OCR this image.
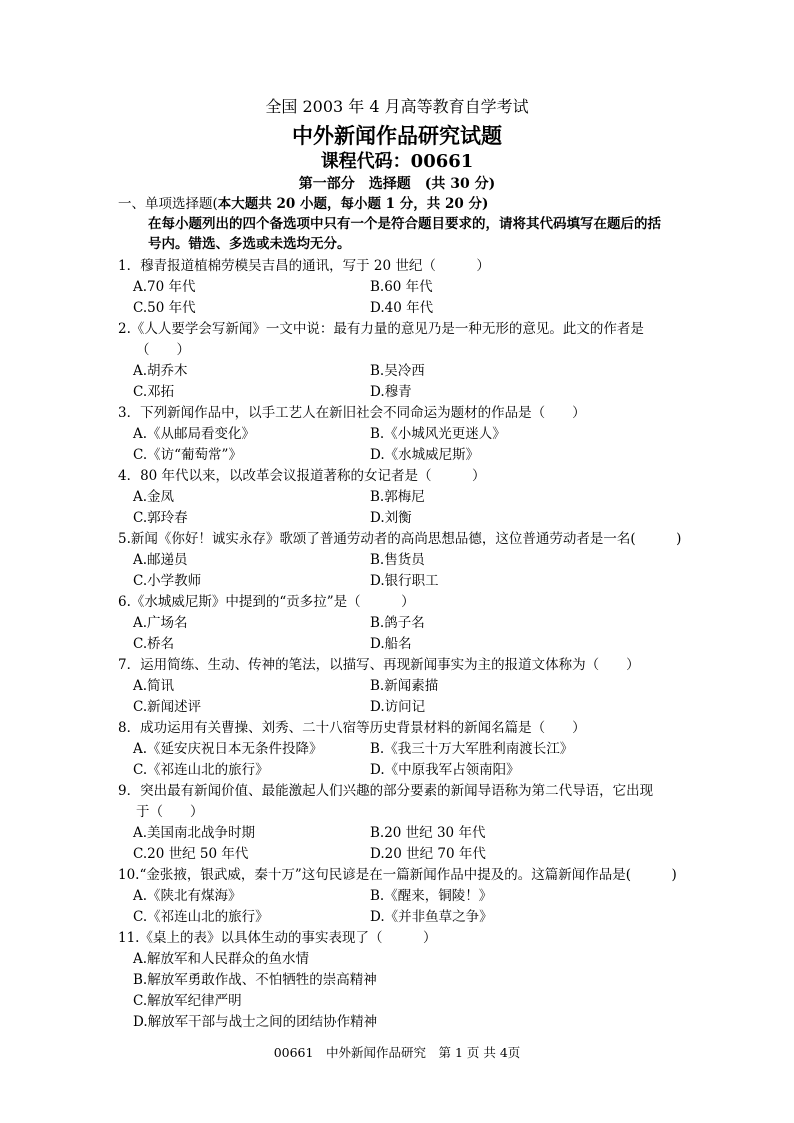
全国 2003 年 4 月高等教育自学考试
中外新闻作品研究试题
课程代码：00661
第一部分　选择题　(共 30 分)
一、单项选择题(本大题共 20 小题，每小题 1 分，共 20 分)
在每小题列出的四个备选项中只有一个是符合题目要求的，请将其代码填写在题后的括
号内。错选、多选或未选均无分。
1．穆青报道植棉劳模吴吉昌的通讯，写于 20 世纪（　　　）
A.70 年代	B.60 年代
C.50 年代	D.40 年代
2.《人人要学会写新闻》一文中说：最有力量的意见乃是一种无形的意见。此文的作者是
（　　）
A.胡乔木	B.吴冷西
C.邓拓	D.穆青
3．下列新闻作品中，以手工艺人在新旧社会不同命运为题材的作品是（　　）
A.《从邮局看变化》	B.《小城风光更迷人》
C.《访“葡萄常”》	D.《水城威尼斯》
4．80 年代以来，以改革会议报道著称的女记者是（　　　）
A.金凤	B.郭梅尼
C.郭玲春	D.刘衡
5.新闻《你好！诚实永存》歌颂了普通劳动者的高尚思想品德，这位普通劳动者是一名(　　　)
A.邮递员	B.售货员
C.小学教师	D.银行职工
6.《水城威尼斯》中提到的“贡多拉”是（　　　）
A.广场名	B.鸽子名
C.桥名	D.船名
7．运用简练、生动、传神的笔法，以描写、再现新闻事实为主的报道文体称为（　　）
A.简讯	B.新闻素描
C.新闻述评	D.访问记
8．成功运用有关曹操、刘秀、二十八宿等历史背景材料的新闻名篇是（　　）
A.《延安庆祝日本无条件投降》	B.《我三十万大军胜利南渡长江》
C.《祁连山北的旅行》	D.《中原我军占领南阳》
9．突出最有新闻价值、最能激起人们兴趣的部分要素的新闻导语称为第二代导语，它出现
于（　　）
A.美国南北战争时期	B.20 世纪 30 年代
C.20 世纪 50 年代	D.20 世纪 70 年代
10.“金张掖，银武威，秦十万”这句民谚是在一篇新闻作品中提及的。这篇新闻作品是(　　　)
A.《陕北有煤海》	B.《醒来，铜陵！》
C.《祁连山北的旅行》	D.《并非鱼草之争》
11.《桌上的表》以具体生动的事实表现了（　　　）
A.解放军和人民群众的鱼水情
B.解放军勇敢作战、不怕牺牲的崇高精神
C.解放军纪律严明
D.解放军干部与战士之间的团结协作精神
00661　中外新闻作品研究　第 1 页 共 4页
